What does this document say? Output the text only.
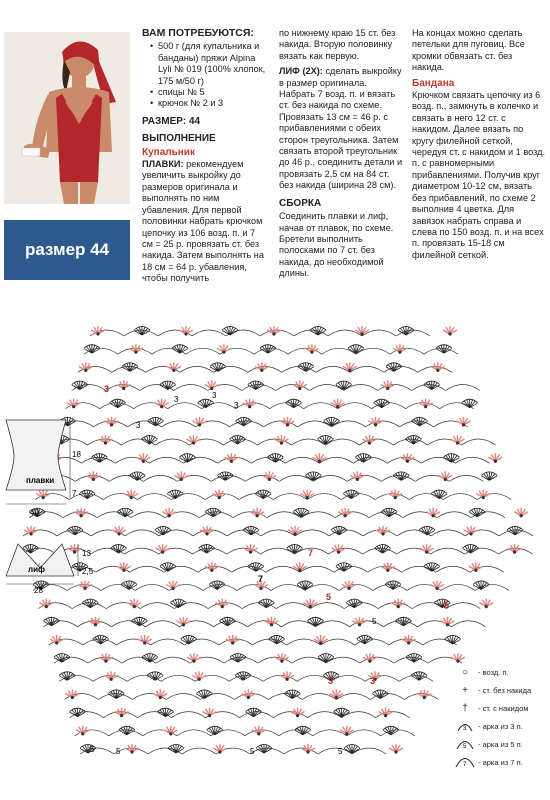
размер 44
ВАМ ПОТРЕБУЮТСЯ:
• 500 г (для купальника и банданы) пряжи Alpina Lyli № 019 (100% хлопок, 175 м/50 г)
• спицы № 5
• крючок № 2 и 3
РАЗМЕР: 44
ВЫПОЛНЕНИЕ
Купальник

ПЛАВКИ: рекомендуем увеличить выкройку до размеров оригинала и выполнять по ним убавления. Для первой половинки набрать крючком цепочку из 106 возд. п. и 7 см = 25 р. провязать ст. без накида. Затем выполнять на 18 см = 64 р. убавления, чтобы получить

по нижнему краю 15 ст. без накида. Вторую половинку вязать как первую.

ЛИФ (2Х): сделать выкройку в размер оригинала. Набрать 7 возд. п. и вязать ст. без накида по схеме. Провязать 13 см = 46 р. с прибавлениями с обеих сторон треугольника. Затем связать второй треугольник до 46 р., соединить детали и провязать 2,5 см на 84 ст. без накида (ширина 28 см).

СБОРКА

Соединить плавки и лиф, начав от плавок, по схеме. Бретели выполнить полосками по 7 ст. без накида, до необходимой длины.

На концах можно сделать петельки для пуговиц. Все кромки обвязать ст. без накида.

Бандана

Крючком связать цепочку из 6 возд. п., замкнуть в колечко и связать в него 12 ст. с накидом. Далее вязать по кругу филейной сеткой, чередуя ст. с накидом и 1 возд. п. с равномерными прибавлениями. Получив круг диаметром 10-12 см, вязать без прибавлений, по схеме 2 выполнив 4 цветка. Для завязок набрать справа и слева по 150 возд. п. и на всех п. провязать 15-18 см филейной сеткой.

плавки
40
18
7
лиф
28
13
2,5
3
3	3
3
3
7
7
5
5
5
3	3
5	5	5	5
○	- возд. п.
+	- ст. без накида
†	- ст. с накидом
3 - арка из 3 п.
5 - арка из 5 п.
7 - арка из 7 п.
